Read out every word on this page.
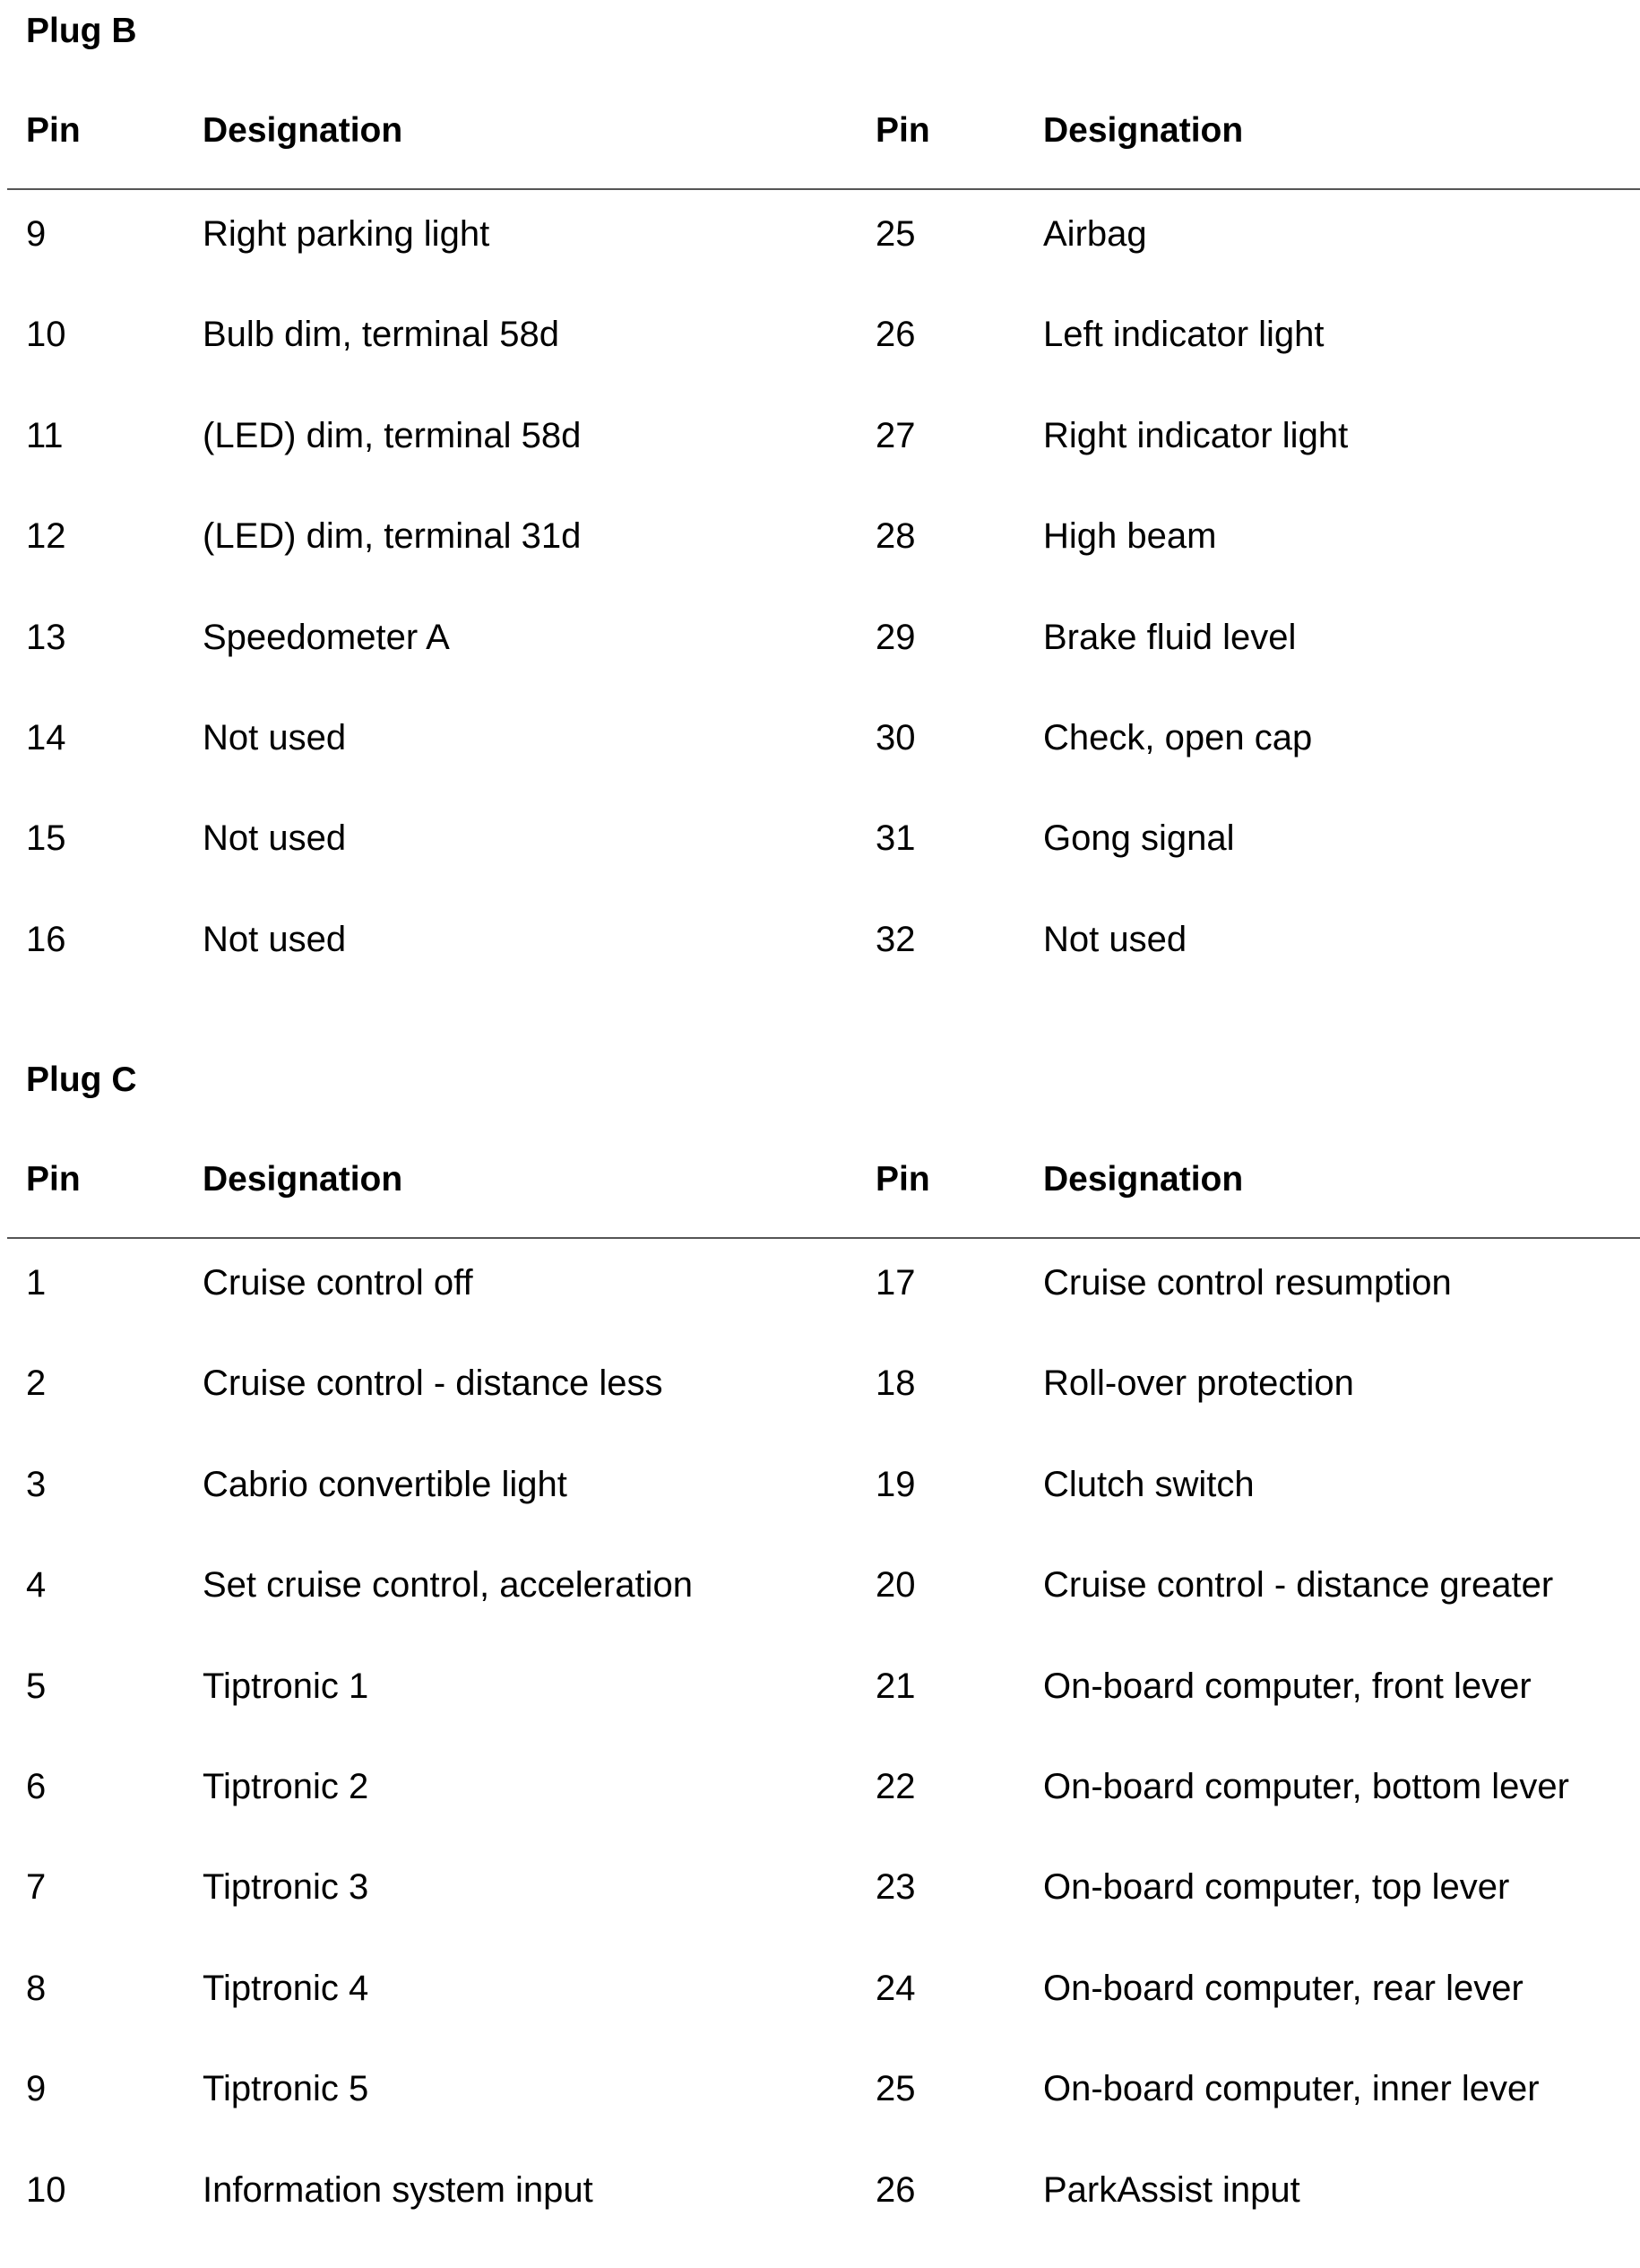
Plug B
Pin	Designation	Pin	Designation
9	Right parking light	25	Airbag
10	Bulb dim, terminal 58d	26	Left indicator light
11	(LED) dim, terminal 58d	27	Right indicator light
12	(LED) dim, terminal 31d	28	High beam
13	Speedometer A	29	Brake fluid level
14	Not used	30	Check, open cap
15	Not used	31	Gong signal
16	Not used	32	Not used
Plug C
Pin	Designation	Pin	Designation
1	Cruise control off	17	Cruise control resumption
2	Cruise control - distance less	18	Roll-over protection
3	Cabrio convertible light	19	Clutch switch
4	Set cruise control, acceleration	20	Cruise control - distance greater
5	Tiptronic 1	21	On-board computer, front lever
6	Tiptronic 2	22	On-board computer, bottom lever
7	Tiptronic 3	23	On-board computer, top lever
8	Tiptronic 4	24	On-board computer, rear lever
9	Tiptronic 5	25	On-board computer, inner lever
10	Information system input	26	ParkAssist input
